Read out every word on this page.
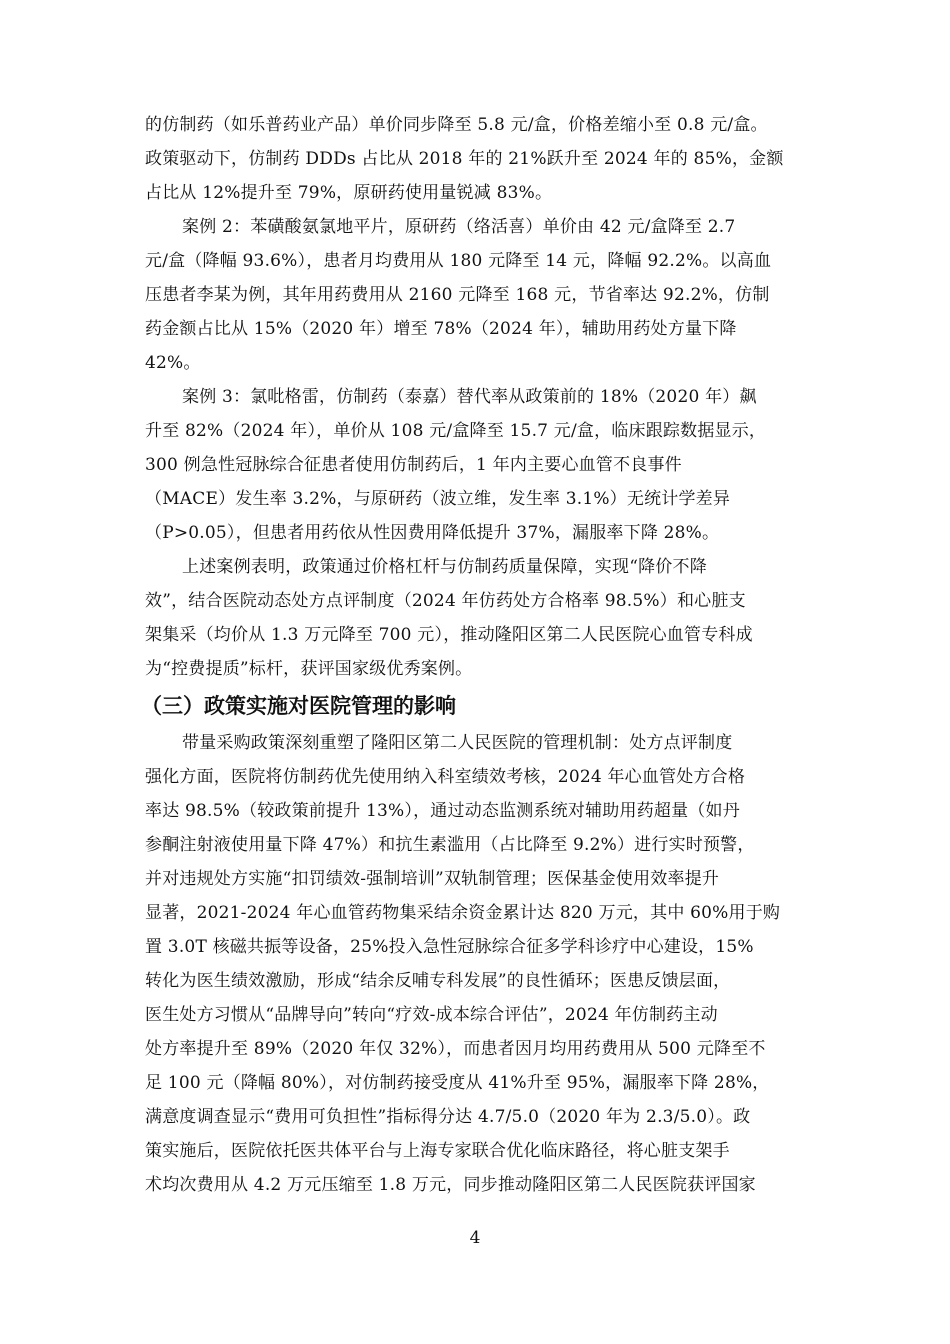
的仿制药（如乐普药业产品）单价同步降至 5.8 元/盒，价格差缩小至 0.8 元/盒。
政策驱动下，仿制药 DDDs 占比从 2018 年的 21%跃升至 2024 年的 85%，金额
占比从 12%提升至 79%，原研药使用量锐减 83%。
案例 2：苯磺酸氨氯地平片，原研药（络活喜）单价由 42 元/盒降至 2.7
元/盒（降幅 93.6%），患者月均费用从 180 元降至 14 元，降幅 92.2%。以高血
压患者李某为例，其年用药费用从 2160 元降至 168 元，节省率达 92.2%，仿制
药金额占比从 15%（2020 年）增至 78%（2024 年），辅助用药处方量下降
42%。
案例 3：氯吡格雷，仿制药（泰嘉）替代率从政策前的 18%（2020 年）飙
升至 82%（2024 年），单价从 108 元/盒降至 15.7 元/盒，临床跟踪数据显示，
300 例急性冠脉综合征患者使用仿制药后，1 年内主要心血管不良事件
（MACE）发生率 3.2%，与原研药（波立维，发生率 3.1%）无统计学差异
（P>0.05），但患者用药依从性因费用降低提升 37%，漏服率下降 28%。
上述案例表明，政策通过价格杠杆与仿制药质量保障，实现“降价不降
效”，结合医院动态处方点评制度（2024 年仿药处方合格率 98.5%）和心脏支
架集采（均价从 1.3 万元降至 700 元），推动隆阳区第二人民医院心血管专科成
为“控费提质”标杆，获评国家级优秀案例。
（三）政策实施对医院管理的影响
带量采购政策深刻重塑了隆阳区第二人民医院的管理机制：处方点评制度
强化方面，医院将仿制药优先使用纳入科室绩效考核，2024 年心血管处方合格
率达 98.5%（较政策前提升 13%），通过动态监测系统对辅助用药超量（如丹
参酮注射液使用量下降 47%）和抗生素滥用（占比降至 9.2%）进行实时预警，
并对违规处方实施“扣罚绩效-强制培训”双轨制管理；医保基金使用效率提升
显著，2021-2024 年心血管药物集采结余资金累计达 820 万元，其中 60%用于购
置 3.0T 核磁共振等设备，25%投入急性冠脉综合征多学科诊疗中心建设，15%
转化为医生绩效激励，形成“结余反哺专科发展”的良性循环；医患反馈层面，
医生处方习惯从“品牌导向”转向“疗效-成本综合评估”，2024 年仿制药主动
处方率提升至 89%（2020 年仅 32%），而患者因月均用药费用从 500 元降至不
足 100 元（降幅 80%），对仿制药接受度从 41%升至 95%，漏服率下降 28%，
满意度调查显示“费用可负担性”指标得分达 4.7/5.0（2020 年为 2.3/5.0）。政
策实施后，医院依托医共体平台与上海专家联合优化临床路径，将心脏支架手
术均次费用从 4.2 万元压缩至 1.8 万元，同步推动隆阳区第二人民医院获评国家
4
